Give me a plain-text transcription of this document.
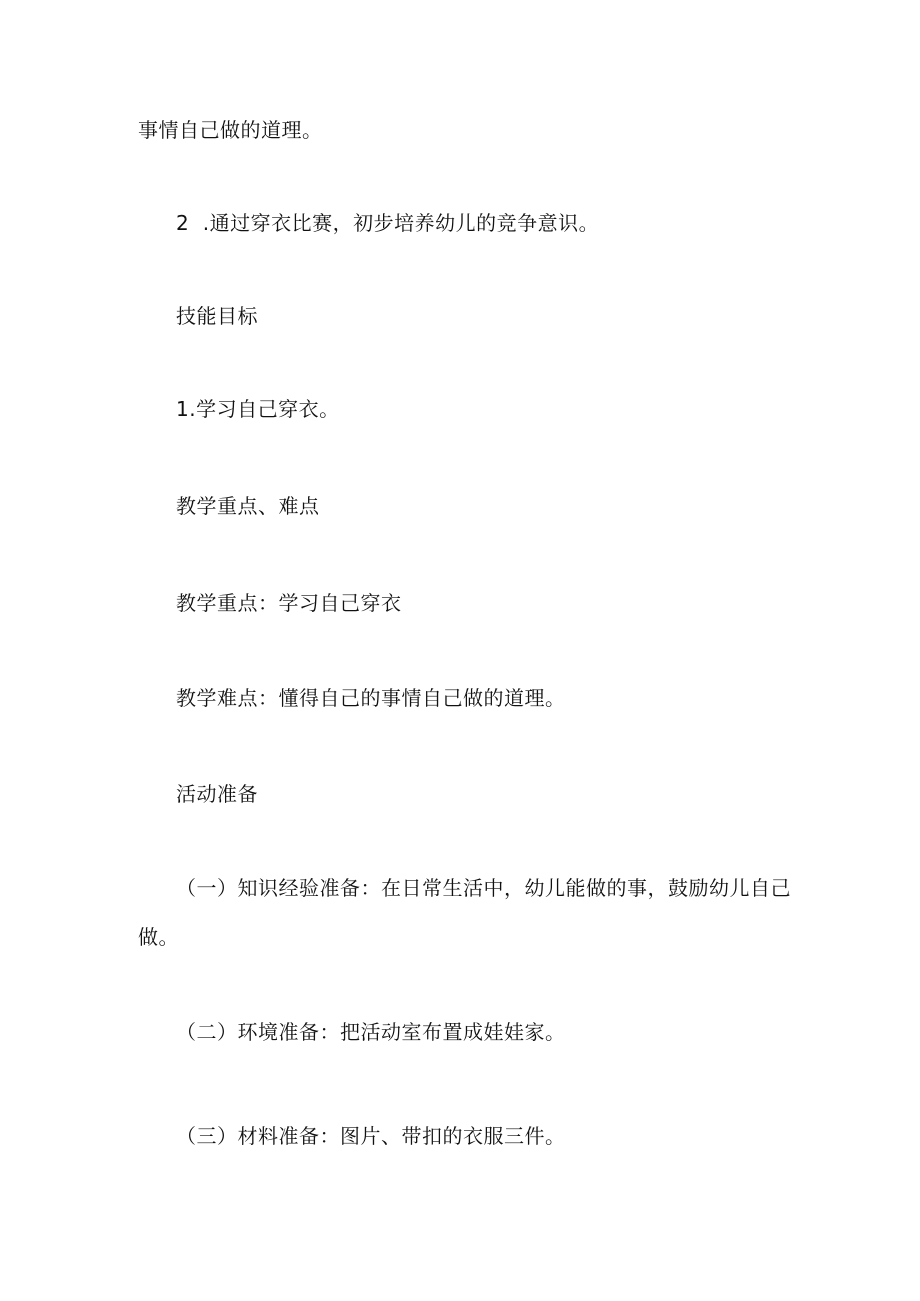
事情自己做的道理。
2 .通过穿衣比赛，初步培养幼儿的竞争意识。
技能目标
1.学习自己穿衣。
教学重点、难点
教学重点：学习自己穿衣
教学难点：懂得自己的事情自己做的道理。
活动准备
（一）知识经验准备：在日常生活中，幼儿能做的事，鼓励幼儿自己
做。
（二）环境准备：把活动室布置成娃娃家。
（三）材料准备：图片、带扣的衣服三件。
